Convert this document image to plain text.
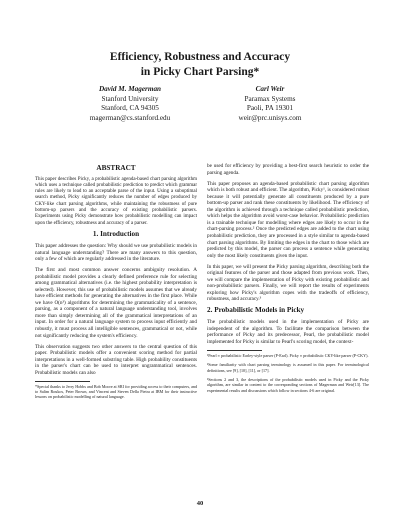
Efficiency, Robustness and Accuracy
in Picky Chart Parsing*
David M. Magerman
Stanford University
Stanford, CA 94305
magerman@cs.stanford.edu
Carl Weir
Paramax Systems
Paoli, PA 19301
weir@prc.unisys.com
ABSTRACT

This paper describes Picky, a probabilistic agenda-based chart parsing algorithm which uses a technique called probabilistic prediction to predict which grammar rules are likely to lead to an acceptable parse of the input. Using a suboptimal search method, Picky significantly reduces the number of edges produced by CKY-like chart parsing algorithms, while maintaining the robustness of pure bottom-up parsers and the accuracy of existing probabilistic parsers. Experiments using Picky demonstrate how probabilistic modelling can impact upon the efficiency, robustness and accuracy of a parser.

1. Introduction

This paper addresses the question: Why should we use probabilistic models in natural language understanding? There are many answers to this question, only a few of which are regularly addressed in the literature.

The first and most common answer concerns ambiguity resolution. A probabilistic model provides a clearly defined preference rule for selecting among grammatical alternatives (i.e. the highest probability interpretation is selected). However, this use of probabilistic models assumes that we already have efficient methods for generating the alternatives in the first place. While we have O(n³) algorithms for determining the grammaticality of a sentence, parsing, as a component of a natural language understanding tool, involves more than simply determining all of the grammatical interpretations of an input. In order for a natural language system to process input efficiently and robustly, it must process all intelligible sentences, grammatical or not, while not significantly reducing the system's efficiency.

This observation suggests two other answers to the central question of this paper. Probabilistic models offer a convenient scoring method for partial interpretations in a well-formed substring table. High probability constituents in the parser's chart can be used to interpret ungrammatical sentences. Probabilistic models can also

*Special thanks to Jerry Hobbs and Bob Moore at SRI for providing access to their computers, and to Salim Roukos, Peter Brown, and Vincent and Steven Della Pietra at IBM for their instructive lessons on probabilistic modelling of natural language.

be used for efficiency by providing a best-first search heuristic to order the parsing agenda.

This paper proposes an agenda-based probabilistic chart parsing algorithm which is both robust and efficient. The algorithm, Picky¹, is considered robust because it will potentially generate all constituents produced by a pure bottom-up parser and rank these constituents by likelihood. The efficiency of the algorithm is achieved through a technique called probabilistic prediction, which helps the algorithm avoid worst-case behavior. Probabilistic prediction is a trainable technique for modelling where edges are likely to occur in the chart-parsing process.² Once the predicted edges are added to the chart using probabilistic prediction, they are processed in a style similar to agenda-based chart parsing algorithms. By limiting the edges in the chart to those which are predicted by this model, the parser can process a sentence while generating only the most likely constituents given the input.

In this paper, we will present the Picky parsing algorithm, describing both the original features of the parser and those adapted from previous work. Then, we will compare the implementation of Picky with existing probabilistic and non-probabilistic parsers. Finally, we will report the results of experiments exploring how Picky's algorithm copes with the tradeoffs of efficiency, robustness, and accuracy.³

2. Probabilistic Models in Picky

The probabilistic models used in the implementation of Picky are independent of the algorithm. To facilitate the comparison between the performance of Picky and its predecessor, Pearl, the probabilistic model implemented for Picky is similar to Pearl's scoring model, the context-

¹Pearl ≡ probabilistic Earley-style parser (P-Earl). Picky ≡ probabilistic CKY-like parser (P-CKY).

²Some familiarity with chart parsing terminology is assumed in this paper. For terminological definitions, see [9], [10], [11], or [17].

³Sections 2 and 3, the descriptions of the probabilistic models used in Picky and the Picky algorithm, are similar in content to the corresponding sections of Magerman and Weir[13]. The experimental results and discussions which follow in sections 4-6 are original.

40
